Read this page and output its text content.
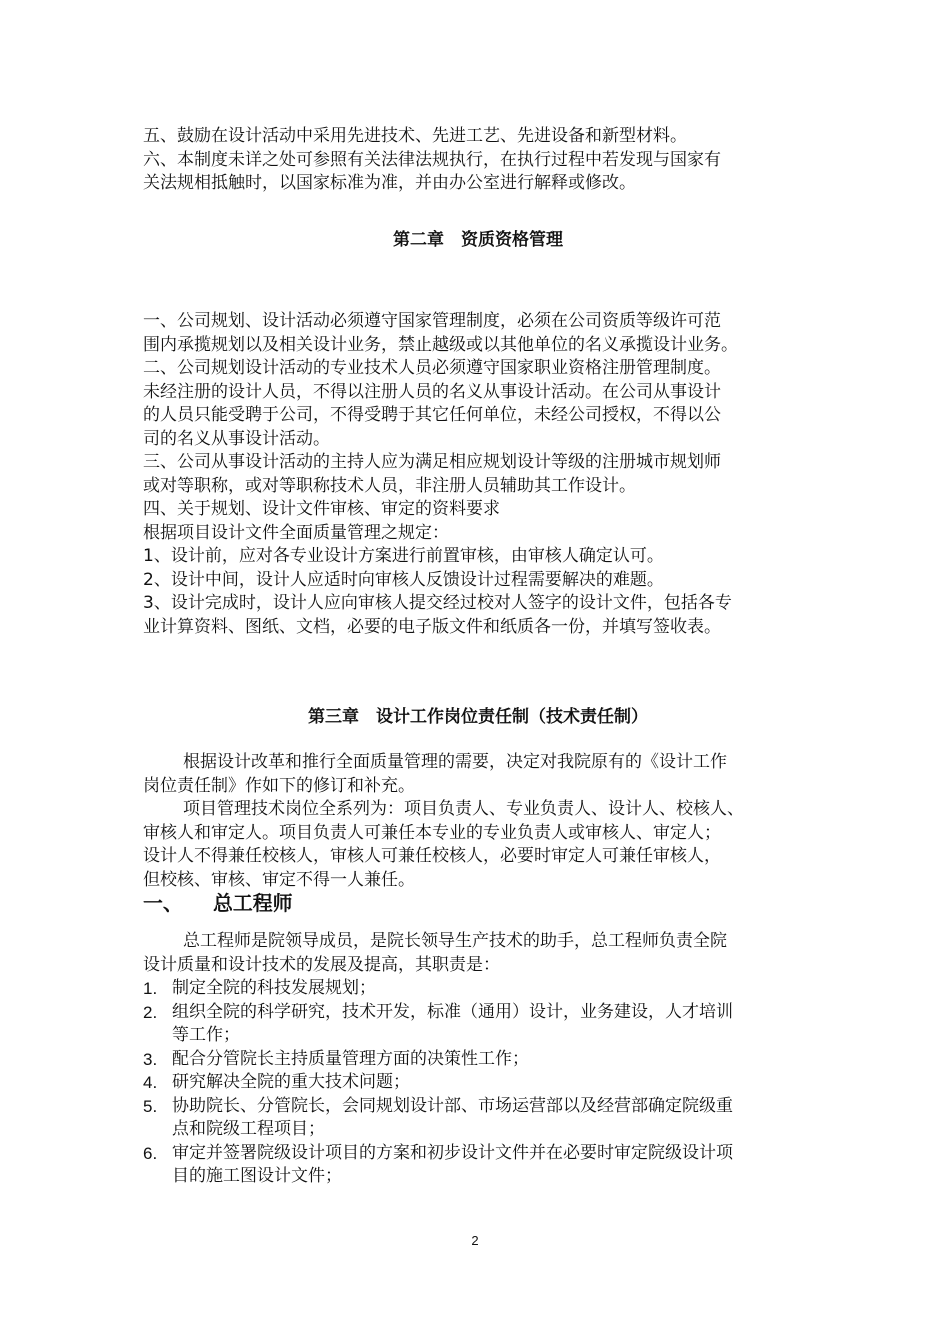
五、鼓励在设计活动中采用先进技术、先进工艺、先进设备和新型材料。
六、本制度未详之处可参照有关法律法规执行，在执行过程中若发现与国家有
关法规相抵触时，以国家标准为准，并由办公室进行解释或修改。
第二章　资质资格管理
一、公司规划、设计活动必须遵守国家管理制度，必须在公司资质等级许可范
围内承揽规划以及相关设计业务，禁止越级或以其他单位的名义承揽设计业务。
二、公司规划设计活动的专业技术人员必须遵守国家职业资格注册管理制度。
未经注册的设计人员，不得以注册人员的名义从事设计活动。在公司从事设计
的人员只能受聘于公司，不得受聘于其它任何单位，未经公司授权，不得以公
司的名义从事设计活动。
三、公司从事设计活动的主持人应为满足相应规划设计等级的注册城市规划师
或对等职称，或对等职称技术人员，非注册人员辅助其工作设计。
四、关于规划、设计文件审核、审定的资料要求
根据项目设计文件全面质量管理之规定：
1、设计前，应对各专业设计方案进行前置审核，由审核人确定认可。
2、设计中间，设计人应适时向审核人反馈设计过程需要解决的难题。
3、设计完成时，设计人应向审核人提交经过校对人签字的设计文件，包括各专
业计算资料、图纸、文档，必要的电子版文件和纸质各一份，并填写签收表。
第三章　设计工作岗位责任制（技术责任制）
根据设计改革和推行全面质量管理的需要，决定对我院原有的《设计工作
岗位责任制》作如下的修订和补充。
项目管理技术岗位全系列为：项目负责人、专业负责人、设计人、校核人、
审核人和审定人。项目负责人可兼任本专业的专业负责人或审核人、审定人；
设计人不得兼任校核人，审核人可兼任校核人，必要时审定人可兼任审核人，
但校核、审核、审定不得一人兼任。
一、 总工程师
总工程师是院领导成员，是院长领导生产技术的助手，总工程师负责全院
设计质量和设计技术的发展及提高，其职责是：
1. 制定全院的科技发展规划；
2. 组织全院的科学研究，技术开发，标准（通用）设计，业务建设，人才培训
等工作；
3. 配合分管院长主持质量管理方面的决策性工作；
4. 研究解决全院的重大技术问题；
5. 协助院长、分管院长，会同规划设计部、市场运营部以及经营部确定院级重
点和院级工程项目；
6. 审定并签署院级设计项目的方案和初步设计文件并在必要时审定院级设计项
目的施工图设计文件；
2
